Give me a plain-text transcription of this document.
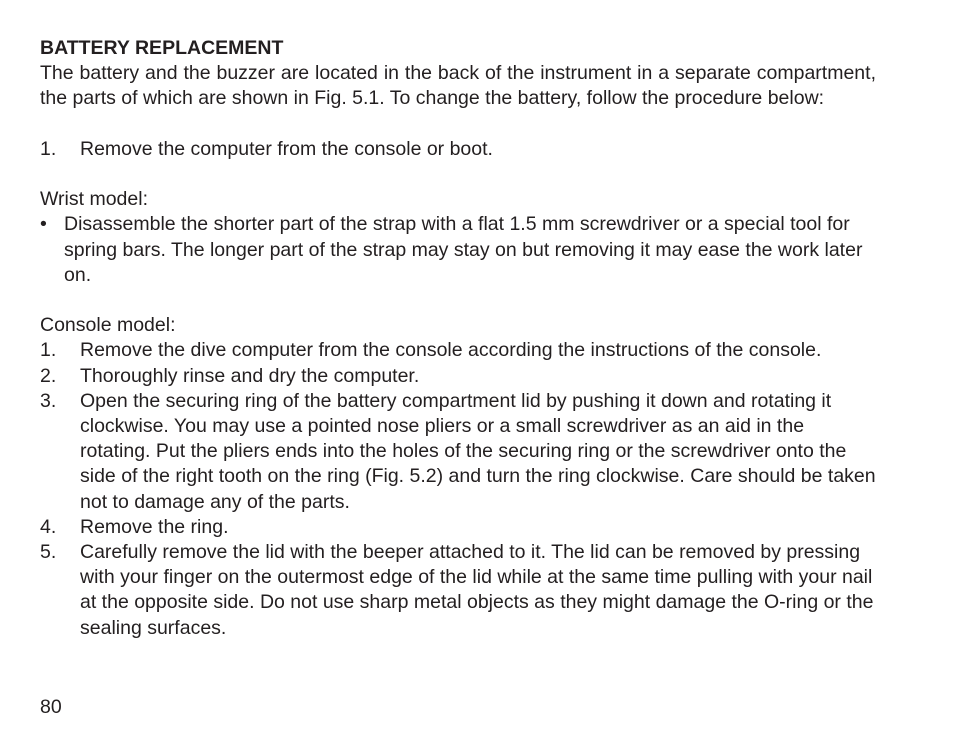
BATTERY REPLACEMENT

The battery and the buzzer are located in the back of the instrument in a separate compartment, the parts of which are shown in Fig. 5.1. To change the battery, follow the procedure below:

1. Remove the computer from the console or boot.

Wrist model:

• Disassemble the shorter part of the strap with a flat 1.5 mm screwdriver or a special tool for spring bars. The longer part of the strap may stay on but removing it may ease the work later on.

Console model:

1. Remove the dive computer from the console according the instructions of the console.
2. Thoroughly rinse and dry the computer.
3. Open the securing ring of the battery compartment lid by pushing it down and rotating it clockwise. You may use a pointed nose pliers or a small screwdriver as an aid in the rotating. Put the pliers ends into the holes of the securing ring or the screwdriver onto the side of the right tooth on the ring (Fig. 5.2) and turn the ring clockwise. Care should be taken not to damage any of the parts.
4. Remove the ring.
5. Carefully remove the lid with the beeper attached to it. The lid can be removed by pressing with your finger on the outermost edge of the lid while at the same time pulling with your nail at the opposite side. Do not use sharp metal objects as they might damage the O-ring or the sealing surfaces.
80
